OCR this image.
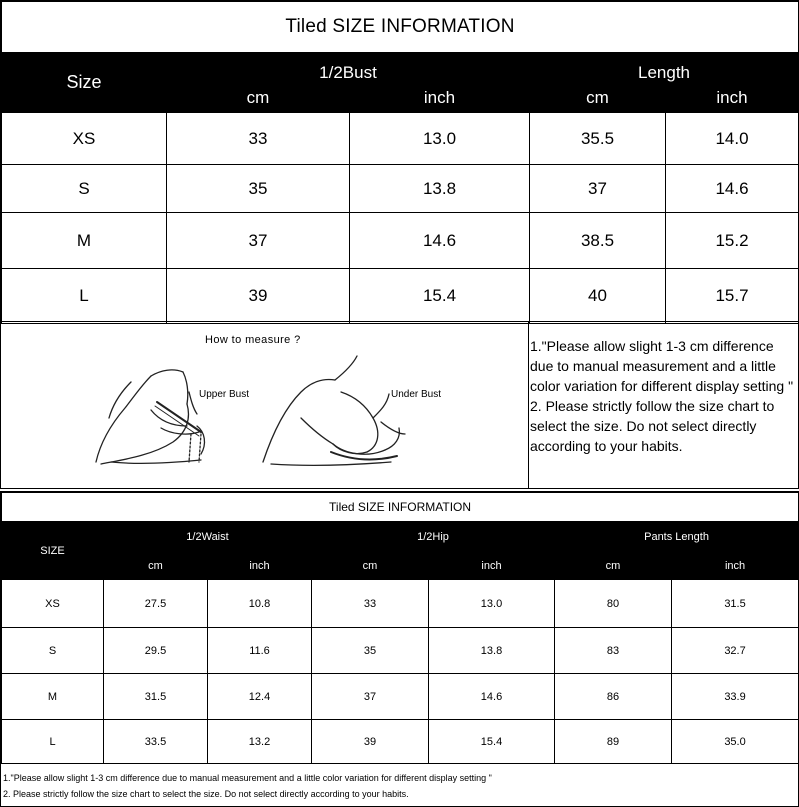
Tiled SIZE INFORMATION				
Size	1/2Bust		Length	
	cm	inch	cm	inch
XS	33	13.0	35.5	14.0
S	35	13.8	37	14.6
M	37	14.6	38.5	15.2
L	39	15.4	40	15.7
How to measure ?
Upper Bust	Under Bust

1."Please allow slight 1-3 cm difference due to manual measurement and a little color variation for different display setting "

2. Please strictly follow the size chart to select the size. Do not select directly according to your habits.

Tiled SIZE INFORMATION						
SIZE	1/2Waist		1/2Hip		Pants Length	
	cm	inch	cm	inch	cm	inch
XS	27.5	10.8	33	13.0	80	31.5
S	29.5	11.6	35	13.8	83	32.7
M	31.5	12.4	37	14.6	86	33.9
L	33.5	13.2	39	15.4	89	35.0

1."Please allow slight 1-3 cm difference due to manual measurement and a little color variation for different display setting "

2. Please strictly follow the size chart to select the size. Do not select directly according to your habits.
